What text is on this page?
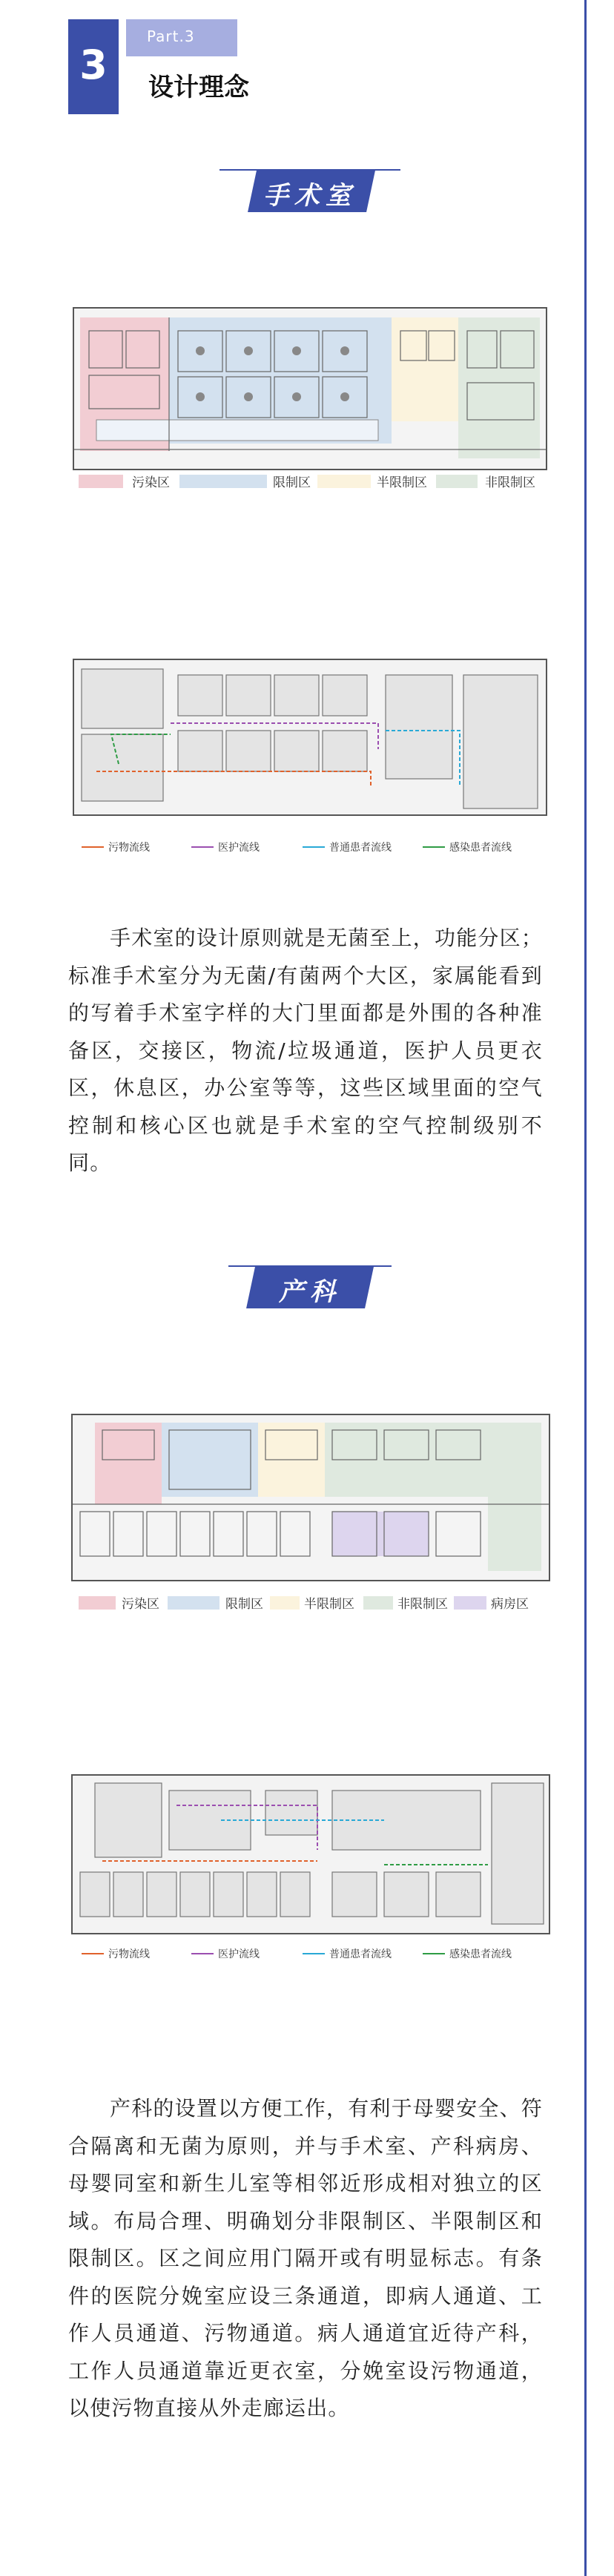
3
Part.3
设计理念
手术室
污染区	限制区	半限制区	非限制区
污物流线	医护流线	普通患者流线	感染患者流线
手术室的设计原则就是无菌至上，功能分区；标准手术室分为无菌/有菌两个大区，家属能看到的写着手术室字样的大门里面都是外围的各种准备区，交接区，物流/垃圾通道，医护人员更衣区，休息区，办公室等等，这些区域里面的空气控制和核心区也就是手术室的空气控制级别不同。
产科
污染区	限制区	半限制区	非限制区	病房区
污物流线	医护流线	普通患者流线	感染患者流线
产科的设置以方便工作，有利于母婴安全、符合隔离和无菌为原则，并与手术室、产科病房、母婴同室和新生儿室等相邻近形成相对独立的区域。布局合理、明确划分非限制区、半限制区和限制区。区之间应用门隔开或有明显标志。有条件的医院分娩室应设三条通道，即病人通道、工作人员通道、污物通道。病人通道宜近待产科，工作人员通道靠近更衣室，分娩室设污物通道，以使污物直接从外走廊运出。
